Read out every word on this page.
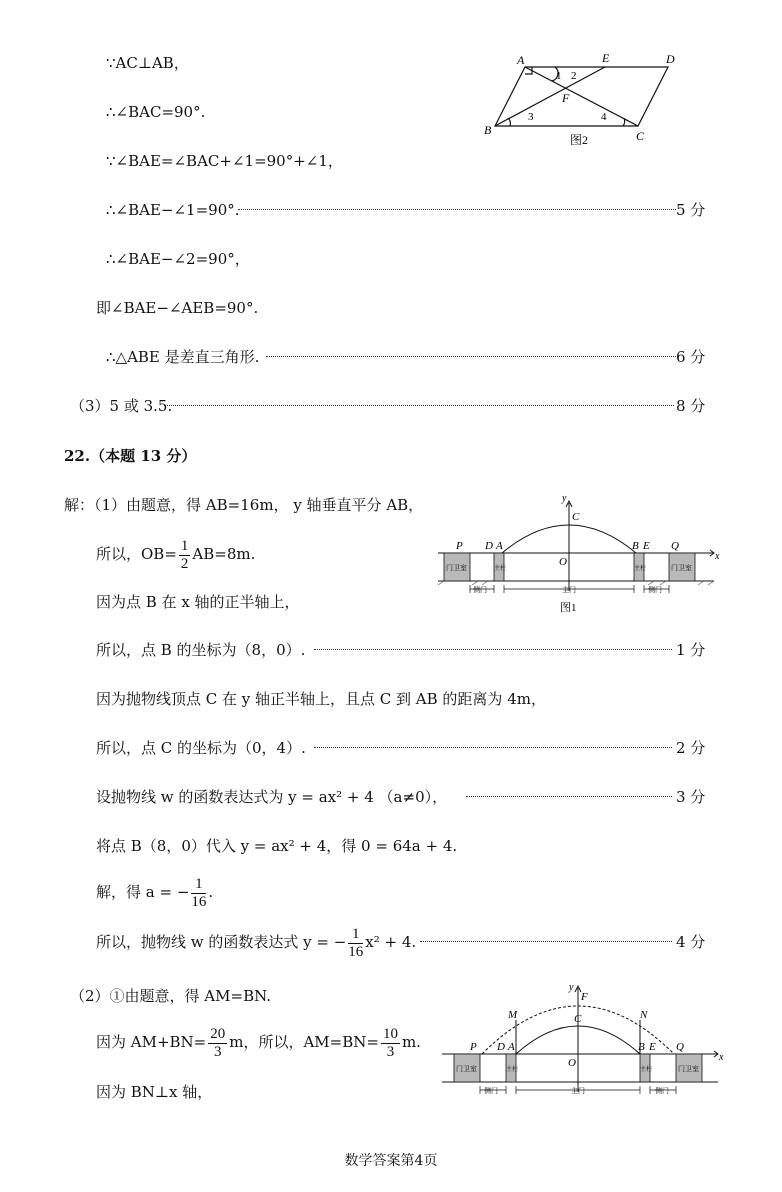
∵AC⊥AB，
∴∠BAC=90°.
∵∠BAE=∠BAC+∠1=90°+∠1，
∴∠BAE−∠1=90°.	5 分
∴∠BAE−∠2=90°，
即∠BAE−∠AEB=90°.
∴△ABE 是差直三角形.	6 分
（3）5 或 3.5.	8 分
22.（本题 13 分）
解：（1）由题意，得 AB=16m， y 轴垂直平分 AB，
所以，$OB= \frac{1}{2} AB=8m$.
因为点 B 在 x 轴的正半轴上，
所以，点 B 的坐标为（8，0）.	1 分
因为抛物线顶点 C 在 y 轴正半轴上，且点 C 到 AB 的距离为 4m，
所以，点 C 的坐标为（0，4）.	2 分
设抛物线 w 的函数表达式为 y = ax² + 4 （a≠0），	3 分
将点 B（8，0）代入 y = ax² + 4，得 0 = 64a + 4.
解，得 a = − $\frac{1}{16}$ .
所以，抛物线 w 的函数表达式 y = − $\frac{1}{16} x^2 + 4$.	4 分
（2）①由题意，得 AM=BN.
因为 $AM+BN= \frac{20}{3}$ m，所以，$AM=BN= \frac{10}{3} m$.
因为 BN⊥x 轴，
A	E	D
B	C
F
1 2
3	4
图2
y
x
C
O
P	Q
D A	B E
门卫室	门卫室
主柱	主柱
侧门	侧门
主门
图1
y
x
F
C
M	N
O
P	Q
D A	B E
门卫室	门卫室
主柱	主柱
侧门	侧门
主门
数学答案第4页
